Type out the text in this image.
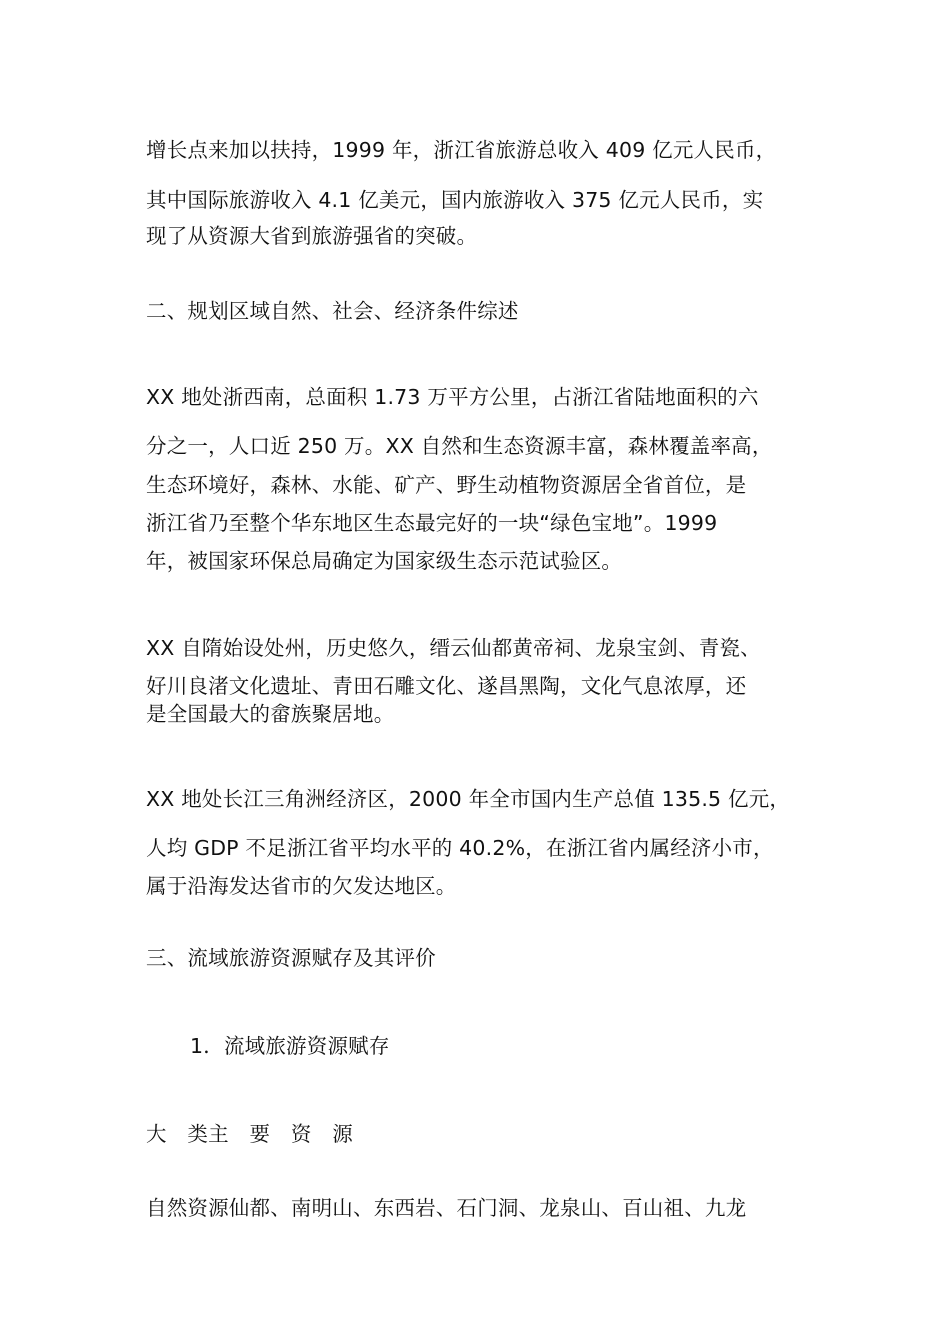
增长点来加以扶持，1999 年，浙江省旅游总收入 409 亿元人民币，
其中国际旅游收入 4.1 亿美元，国内旅游收入 375 亿元人民币，实
现了从资源大省到旅游强省的突破。
二、规划区域自然、社会、经济条件综述
XX 地处浙西南，总面积 1.73 万平方公里，占浙江省陆地面积的六
分之一，人口近 250 万。XX 自然和生态资源丰富，森林覆盖率高，
生态环境好，森林、水能、矿产、野生动植物资源居全省首位，是
浙江省乃至整个华东地区生态最完好的一块“绿色宝地”。1999
年，被国家环保总局确定为国家级生态示范试验区。
XX 自隋始设处州，历史悠久，缙云仙都黄帝祠、龙泉宝剑、青瓷、
好川良渚文化遗址、青田石雕文化、遂昌黑陶，文化气息浓厚，还
是全国最大的畲族聚居地。
XX 地处长江三角洲经济区，2000 年全市国内生产总值 135.5 亿元，
人均 GDP 不足浙江省平均水平的 40.2%，在浙江省内属经济小市，
属于沿海发达省市的欠发达地区。
三、流域旅游资源赋存及其评价
1．流域旅游资源赋存
大　类主　要　资　源
自然资源仙都、南明山、东西岩、石门洞、龙泉山、百山祖、九龙
